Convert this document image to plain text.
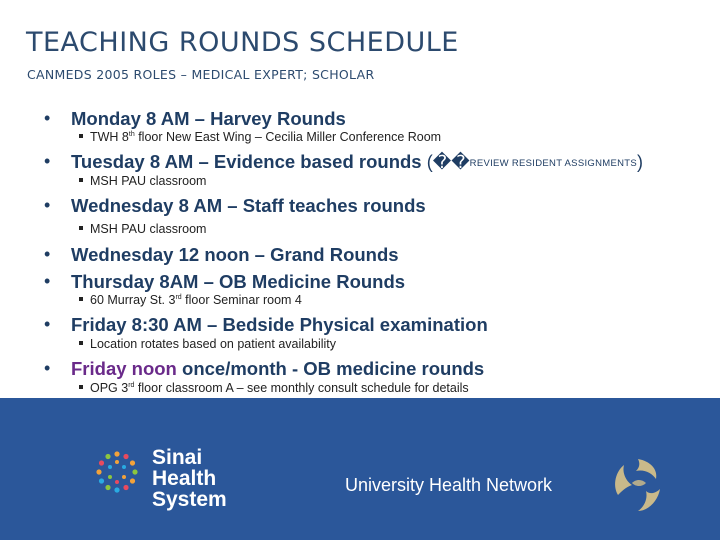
TEACHING ROUNDS SCHEDULE
CANMEDS 2005 ROLES – MEDICAL EXPERT; SCHOLAR
• Monday 8 AM – Harvey Rounds
TWH 8th floor New East Wing – Cecilia Miller Conference Room
• Tuesday 8 AM – Evidence based rounds (��REVIEW RESIDENT ASSIGNMENTS)
MSH PAU classroom
• Wednesday 8 AM – Staff teaches rounds
MSH PAU classroom
• Wednesday 12 noon – Grand Rounds
• Thursday 8AM – OB Medicine Rounds
60 Murray St. 3rd floor Seminar room 4
• Friday 8:30 AM – Bedside Physical examination
Location rotates based on patient availability
• Friday noon once/month - OB medicine rounds
OPG 3rd floor classroom A – see monthly consult schedule for details
Sinai
Health
System
University Health Network
